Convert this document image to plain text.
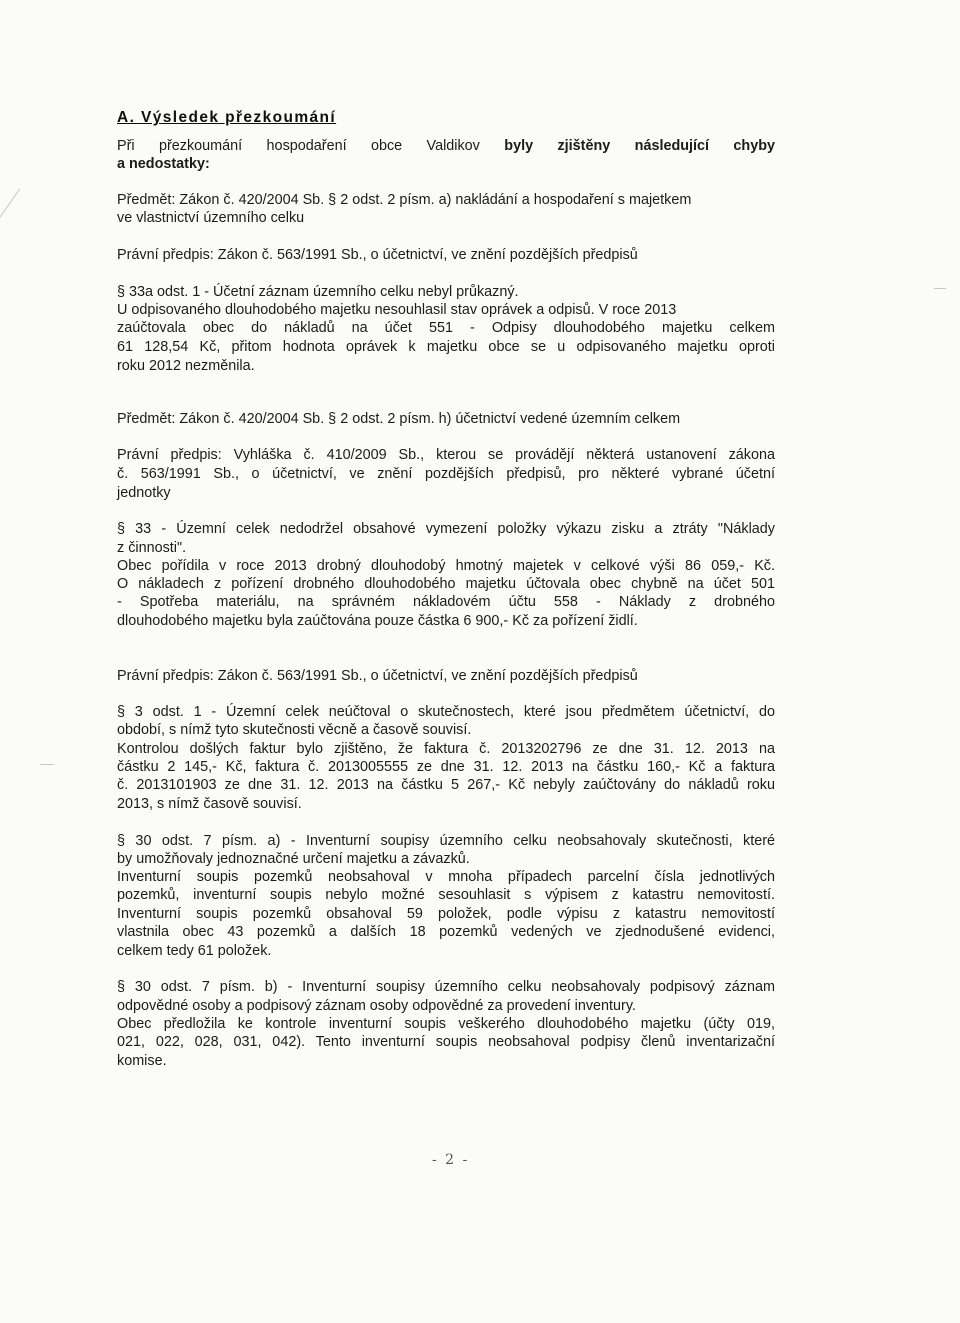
A. Výsledek přezkoumání

Při přezkoumání hospodaření obce Valdikov byly zjištěny následující chyby

a nedostatky:

Předmět: Zákon č. 420/2004 Sb. § 2 odst. 2 písm. a) nakládání a hospodaření s majetkem

ve vlastnictví územního celku

Právní předpis: Zákon č. 563/1991 Sb., o účetnictví, ve znění pozdějších předpisů

§ 33a odst. 1 - Účetní záznam územního celku nebyl průkazný.

U odpisovaného dlouhodobého majetku nesouhlasil stav oprávek a odpisů. V roce 2013

zaúčtovala obec do nákladů na účet 551 - Odpisy dlouhodobého majetku celkem

61 128,54 Kč, přitom hodnota oprávek k majetku obce se u odpisovaného majetku oproti

roku 2012 nezměnila.

Předmět: Zákon č. 420/2004 Sb. § 2 odst. 2 písm. h) účetnictví vedené územním celkem

Právní předpis: Vyhláška č. 410/2009 Sb., kterou se provádějí některá ustanovení zákona

č. 563/1991 Sb., o účetnictví, ve znění pozdějších předpisů, pro některé vybrané účetní

jednotky

§ 33 - Územní celek nedodržel obsahové vymezení položky výkazu zisku a ztráty "Náklady

z činnosti".

Obec pořídila v roce 2013 drobný dlouhodobý hmotný majetek v celkové výši 86 059,- Kč.

O nákladech z pořízení drobného dlouhodobého majetku účtovala obec chybně na účet 501

- Spotřeba materiálu, na správném nákladovém účtu 558 - Náklady z drobného

dlouhodobého majetku byla zaúčtována pouze částka 6 900,- Kč za pořízení židlí.

Právní předpis: Zákon č. 563/1991 Sb., o účetnictví, ve znění pozdějších předpisů

§ 3 odst. 1 - Územní celek neúčtoval o skutečnostech, které jsou předmětem účetnictví, do

období, s nímž tyto skutečnosti věcně a časově souvisí.

Kontrolou došlých faktur bylo zjištěno, že faktura č. 2013202796 ze dne 31. 12. 2013 na

částku 2 145,- Kč, faktura č. 2013005555 ze dne 31. 12. 2013 na částku 160,- Kč a faktura

č. 2013101903 ze dne 31. 12. 2013 na částku 5 267,- Kč nebyly zaúčtovány do nákladů roku

2013, s nímž časově souvisí.

§ 30 odst. 7 písm. a) - Inventurní soupisy územního celku neobsahovaly skutečnosti, které

by umožňovaly jednoznačné určení majetku a závazků.

Inventurní soupis pozemků neobsahoval v mnoha případech parcelní čísla jednotlivých

pozemků, inventurní soupis nebylo možné sesouhlasit s výpisem z katastru nemovitostí.

Inventurní soupis pozemků obsahoval 59 položek, podle výpisu z katastru nemovitostí

vlastnila obec 43 pozemků a dalších 18 pozemků vedených ve zjednodušené evidenci,

celkem tedy 61 položek.

§ 30 odst. 7 písm. b) - Inventurní soupisy územního celku neobsahovaly podpisový záznam

odpovědné osoby a podpisový záznam osoby odpovědné za provedení inventury.

Obec předložila ke kontrole inventurní soupis veškerého dlouhodobého majetku (účty 019,

021, 022, 028, 031, 042). Tento inventurní soupis neobsahoval podpisy členů inventarizační

komise.

- 2 -
